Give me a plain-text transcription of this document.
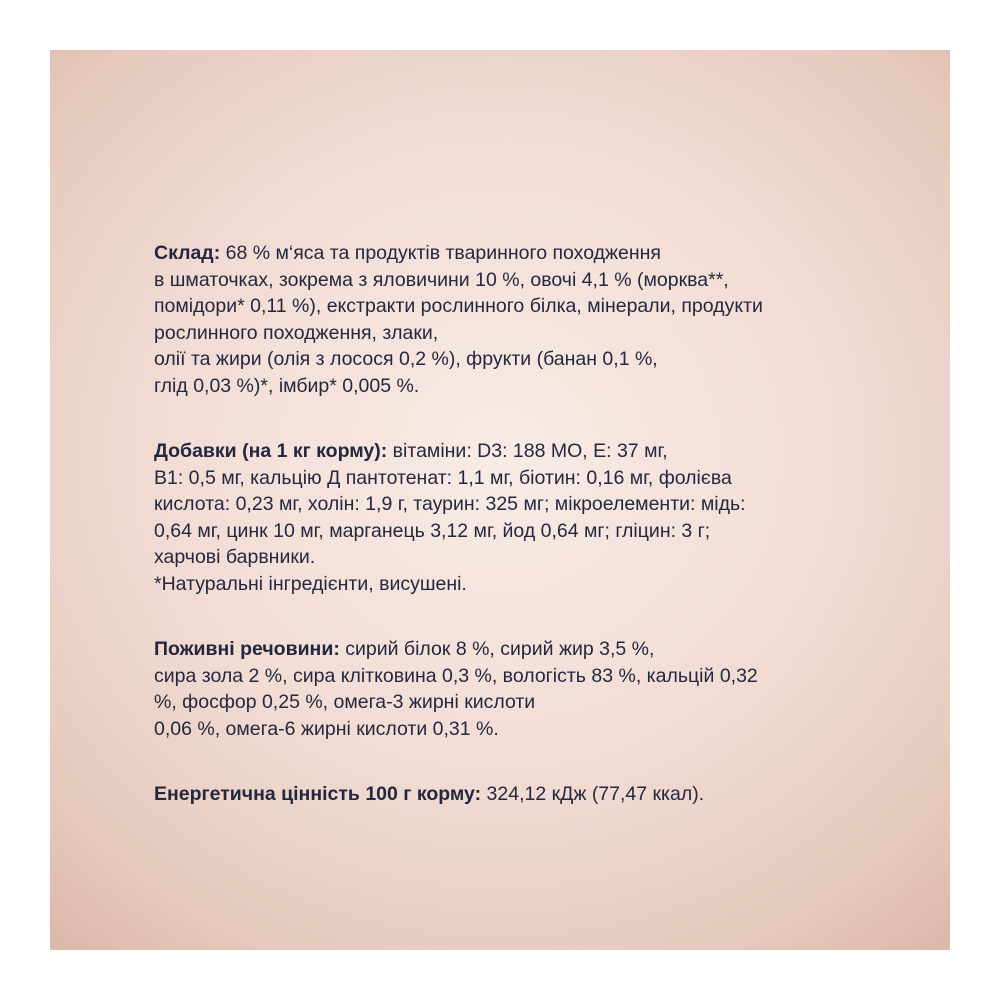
Склад: 68 % м‘яса та продуктів тваринного походження
в шматочках, зокрема з яловичини 10 %, овочі 4,1 % (морква**,
помідори* 0,11 %), екстракти рослинного білка, мінерали, продукти
рослинного походження, злаки,
олії та жири (олія з лосося 0,2 %), фрукти (банан 0,1 %,
глід 0,03 %)*, імбир* 0,005 %.
Добавки (на 1 кг корму): вітаміни: D3: 188 МО, Е: 37 мг,
В1: 0,5 мг, кальцію Д пантотенат: 1,1 мг, біотин: 0,16 мг, фолієва
кислота: 0,23 мг, холін: 1,9 г, таурин: 325 мг; мікроелементи: мідь:
0,64 мг, цинк 10 мг, марганець 3,12 мг, йод 0,64 мг; гліцин: 3 г;
харчові барвники.
*Натуральні інгредієнти, висушені.
Поживні речовини: сирий білок 8 %, сирий жир 3,5 %,
сира зола 2 %, сира клітковина 0,3 %, вологість 83 %, кальцій 0,32
%, фосфор 0,25 %, омега-3 жирні кислоти
0,06 %, омега-6 жирні кислоти 0,31 %.
Енергетична цінність 100 г корму: 324,12 кДж (77,47 ккал).
